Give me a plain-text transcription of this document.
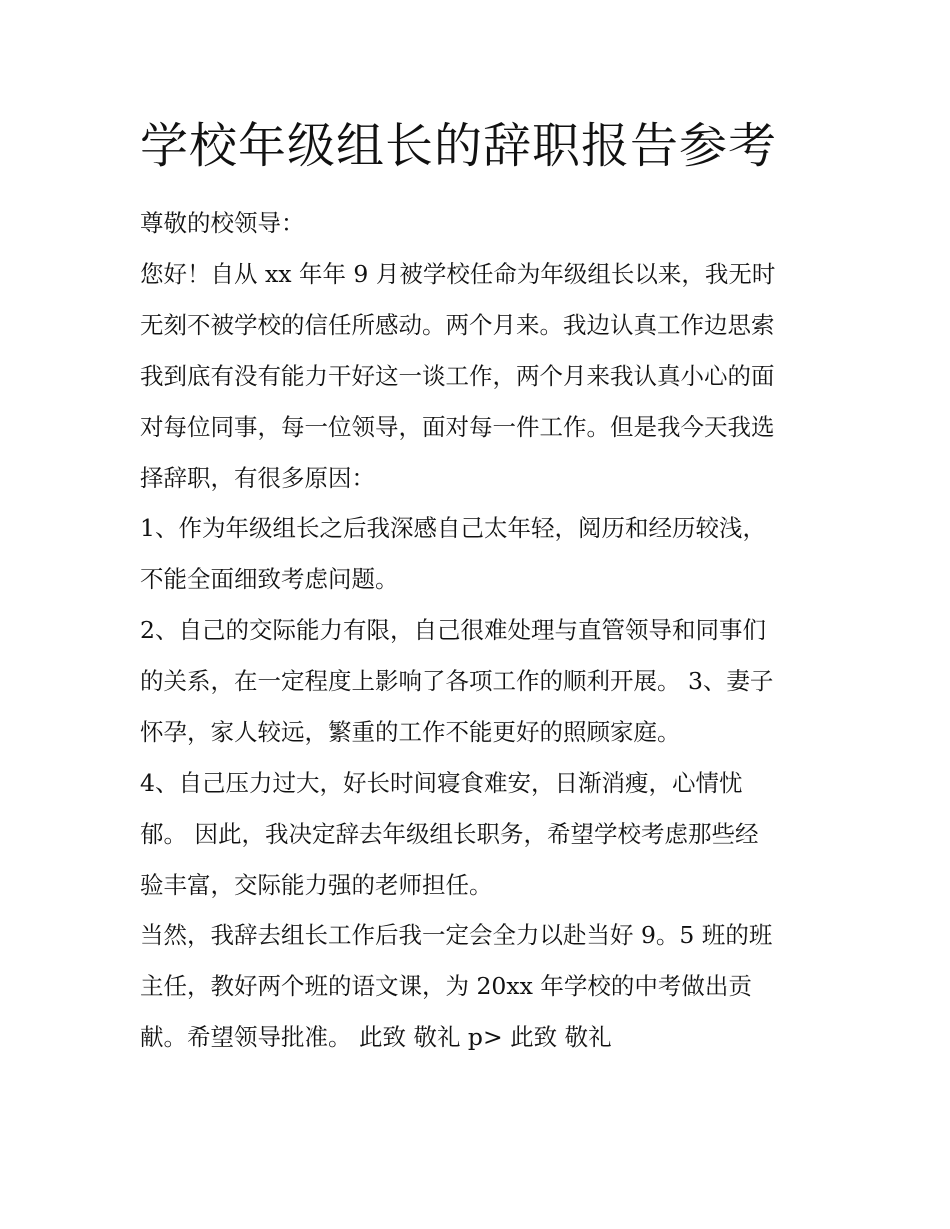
学校年级组长的辞职报告参考

尊敬的校领导：

您好！自从 xx 年年 9 月被学校任命为年级组长以来，我无时

无刻不被学校的信任所感动。两个月来。我边认真工作边思索

我到底有没有能力干好这一谈工作，两个月来我认真小心的面

对每位同事，每一位领导，面对每一件工作。但是我今天我选

择辞职，有很多原因：

1、作为年级组长之后我深感自己太年轻，阅历和经历较浅，

不能全面细致考虑问题。

2、自己的交际能力有限，自己很难处理与直管领导和同事们

的关系，在一定程度上影响了各项工作的顺利开展。 3、妻子

怀孕，家人较远，繁重的工作不能更好的照顾家庭。

4、自己压力过大，好长时间寝食难安，日渐消瘦，心情忧

郁。 因此，我决定辞去年级组长职务，希望学校考虑那些经

验丰富，交际能力强的老师担任。

当然，我辞去组长工作后我一定会全力以赴当好 9。5 班的班

主任，教好两个班的语文课，为 20xx 年学校的中考做出贡

献。希望领导批准。 此致 敬礼 p> 此致 敬礼
